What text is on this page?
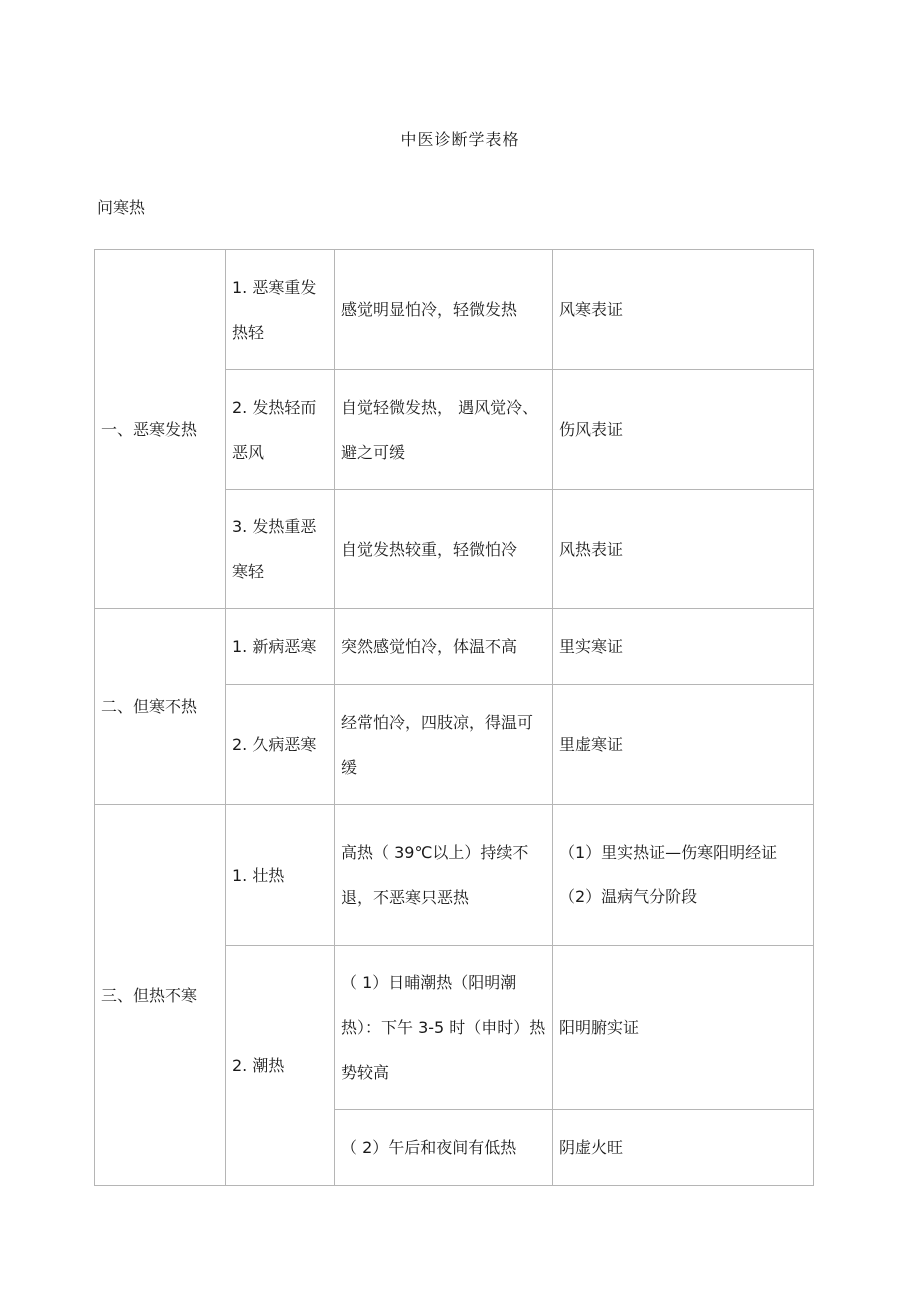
中医诊断学表格
问寒热
一、恶寒发热	1. 恶寒重发热轻	感觉明显怕冷，轻微发热	风寒表证
	2. 发热轻而恶风	自觉轻微发热， 遇风觉冷、避之可缓	伤风表证
	3. 发热重恶寒轻	自觉发热较重，轻微怕冷	风热表证
二、但寒不热	1. 新病恶寒	突然感觉怕冷，体温不高	里实寒证
	2. 久病恶寒	经常怕冷，四肢凉，得温可缓	里虚寒证
三、但热不寒	1. 壮热	高热（ 39℃以上）持续不退，不恶寒只恶热	（1）里实热证—伤寒阳明经证
（2）温病气分阶段

	2. 潮热	（ 1）日晡潮热（阳明潮热）：下午 3-5 时（申时）热势较高	阳明腑实证
		（ 2）午后和夜间有低热	阴虚火旺
